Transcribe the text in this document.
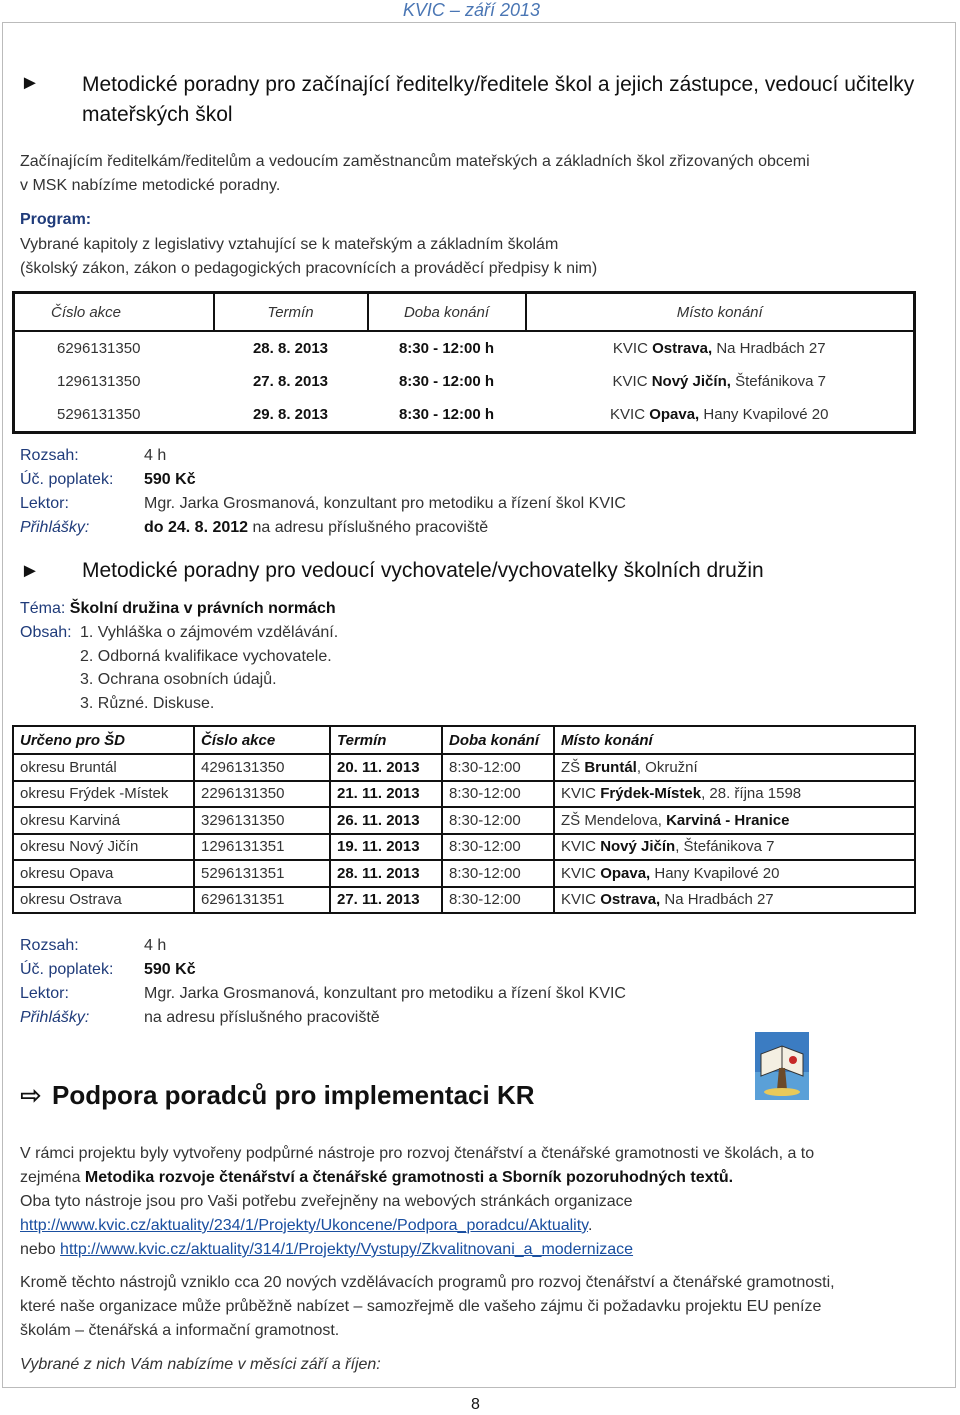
KVIC – září 2013
► Metodické poradny pro začínající ředitelky/ředitele škol a jejich zástupce, vedoucí učitelky mateřských škol
Začínajícím ředitelkám/ředitelům a vedoucím zaměstnancům mateřských a základních škol zřizovaných obcemi
v MSK nabízíme metodické poradny.
Program:
Vybrané kapitoly z legislativy vztahující se k mateřským a základním školám
(školský zákon, zákon o pedagogických pracovnících a prováděcí předpisy k nim)
Číslo akce	Termín	Doba konání	Místo konání
6296131350	28. 8. 2013	8:30 - 12:00 h	KVIC Ostrava, Na Hradbách 27
1296131350	27. 8. 2013	8:30 - 12:00 h	KVIC Nový Jičín, Štefánikova 7
5296131350	29. 8. 2013	8:30 - 12:00 h	KVIC Opava, Hany Kvapilové 20
Rozsah:	4 h
Úč. poplatek: 590 Kč
Lektor:	Mgr. Jarka Grosmanová, konzultant pro metodiku a řízení škol KVIC
Přihlášky:	do 24. 8. 2012 na adresu příslušného pracoviště
► Metodické poradny pro vedoucí vychovatele/vychovatelky školních družin
Téma: Školní družina v právních normách
Obsah: 1. Vyhláška o zájmovém vzdělávání.
2. Odborná kvalifikace vychovatele.
3. Ochrana osobních údajů.
3. Různé. Diskuse.
Určeno pro ŠD	Číslo akce	Termín	Doba konání	Místo konání
okresu Bruntál	4296131350	20. 11. 2013	8:30-12:00	ZŠ Bruntál, Okružní
okresu Frýdek -Místek	2296131350	21. 11. 2013	8:30-12:00	KVIC Frýdek-Místek, 28. října 1598
okresu Karviná	3296131350	26. 11. 2013	8:30-12:00	ZŠ Mendelova, Karviná - Hranice
okresu Nový Jičín	1296131351	19. 11. 2013	8:30-12:00	KVIC Nový Jičín, Štefánikova 7
okresu Opava	5296131351	28. 11. 2013	8:30-12:00	KVIC Opava, Hany Kvapilové 20
okresu Ostrava	6296131351	27. 11. 2013	8:30-12:00	KVIC Ostrava, Na Hradbách 27
Rozsah:	4 h
Úč. poplatek: 590 Kč
Lektor:	Mgr. Jarka Grosmanová, konzultant pro metodiku a řízení škol KVIC
Přihlášky:	na adresu příslušného pracoviště
⇨ Podpora poradců pro implementaci KR
V rámci projektu byly vytvořeny podpůrné nástroje pro rozvoj čtenářství a čtenářské gramotnosti ve školách, a to
zejména Metodika rozvoje čtenářství a čtenářské gramotnosti a Sborník pozoruhodných textů.
Oba tyto nástroje jsou pro Vaši potřebu zveřejněny na webových stránkách organizace
http://www.kvic.cz/aktuality/234/1/Projekty/Ukoncene/Podpora_poradcu/Aktuality.
nebo http://www.kvic.cz/aktuality/314/1/Projekty/Vystupy/Zkvalitnovani_a_modernizace
Kromě těchto nástrojů vzniklo cca 20 nových vzdělávacích programů pro rozvoj čtenářství a čtenářské gramotnosti,
které naše organizace může průběžně nabízet – samozřejmě dle vašeho zájmu či požadavku projektu EU peníze
školám – čtenářská a informační gramotnost.
Vybrané z nich Vám nabízíme v měsíci září a říjen:
8
